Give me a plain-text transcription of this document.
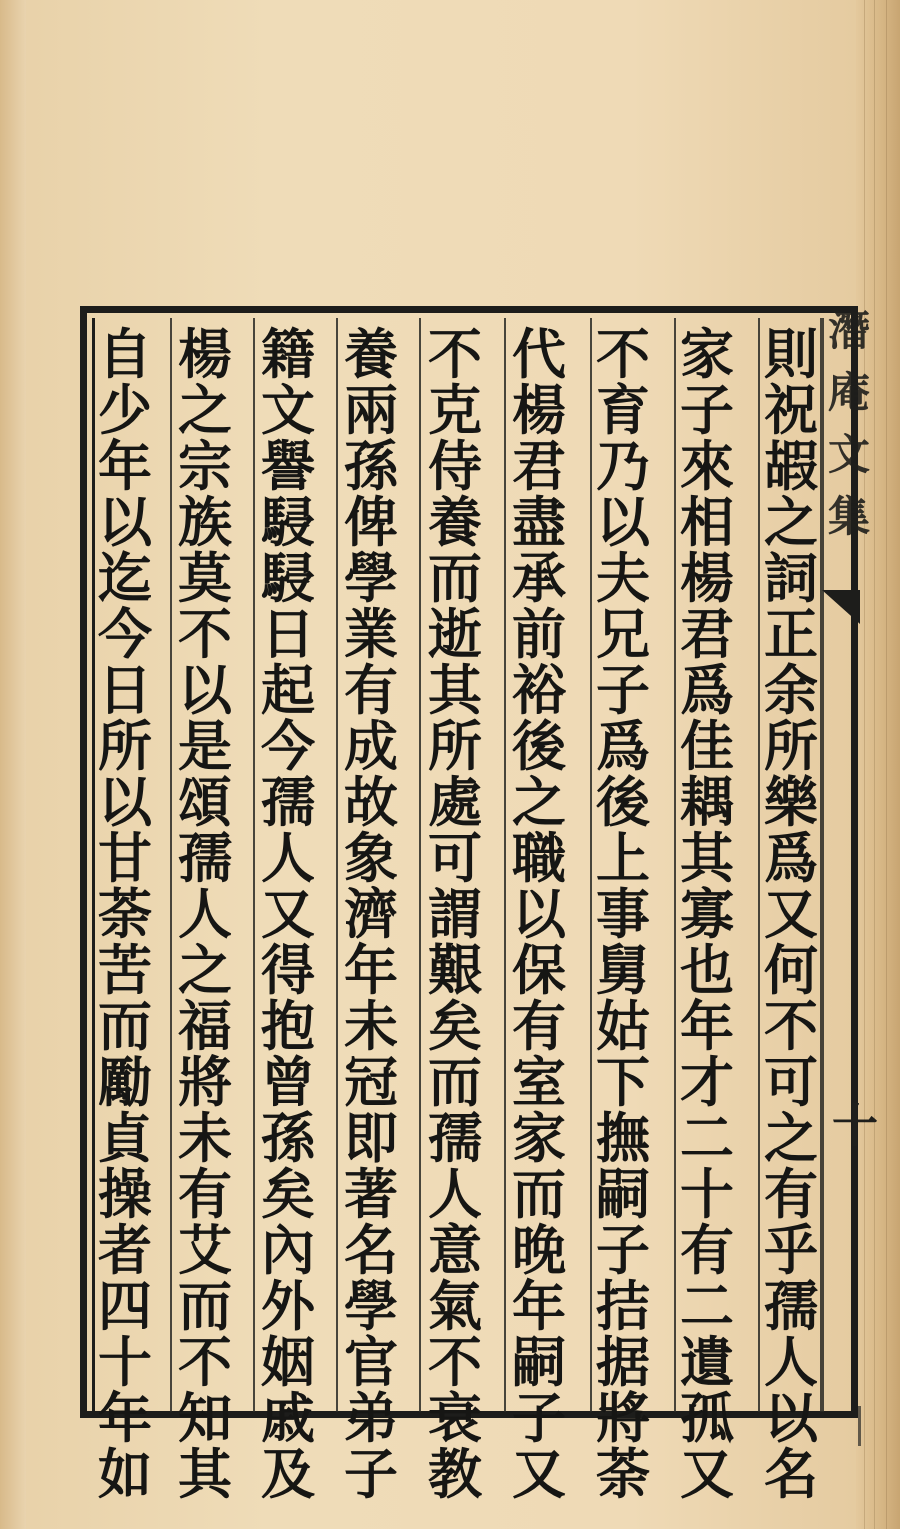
潛
庵
文
集
十
則
祝
嘏
之
詞
正
余
所
樂
爲
又
何
不
可
之
有
乎
孺
人
以
名
家
子
來
相
楊
君
爲
佳
耦
其
寡
也
年
才
二
十
有
二
遺
孤
又
不
育
乃
以
夫
兄
子
爲
後
上
事
舅
姑
下
撫
嗣
子
拮
据
將
荼
代
楊
君
盡
承
前
裕
後
之
職
以
保
有
室
家
而
晚
年
嗣
子
又
不
克
侍
養
而
逝
其
所
處
可
謂
艱
矣
而
孺
人
意
氣
不
衰
教
養
兩
孫
俾
學
業
有
成
故
象
濟
年
未
冠
即
著
名
學
官
弟
子
籍
文
譽
駸
駸
日
起
今
孺
人
又
得
抱
曾
孫
矣
內
外
姻
戚
及
楊
之
宗
族
莫
不
以
是
頌
孺
人
之
福
將
未
有
艾
而
不
知
其
自
少
年
以
迄
今
日
所
以
甘
荼
苦
而
勵
貞
操
者
四
十
年
如
